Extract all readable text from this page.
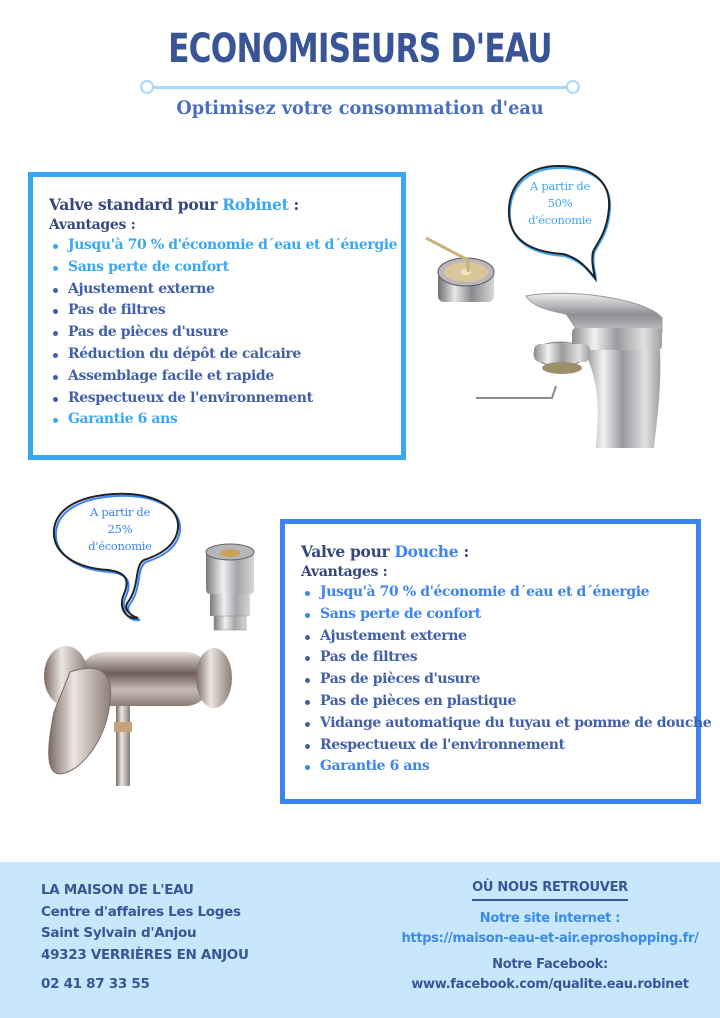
ECONOMISEURS D'EAU
Optimisez votre consommation d'eau
Valve standard pour Robinet :
Avantages :
Jusqu'à 70 % d'économie d´eau et d´énergie
Sans perte de confort
Ajustement externe
Pas de filtres
Pas de pièces d'usure
Réduction du dépôt de calcaire
Assemblage facile et rapide
Respectueux de l'environnement
Garantie 6 ans
A partir de
50%
d'économie
A partir de
25%
d'économie	Valve pour Douche :
Avantages :
Jusqu'à 70 % d'économie d´eau et d´énergie
Sans perte de confort
Ajustement externe
Pas de filtres
Pas de pièces d'usure
Pas de pièces en plastique
Vidange automatique du tuyau et pomme de douche
Respectueux de l'environnement
Garantie 6 ans
LA MAISON DE L'EAU
Centre d'affaires Les Loges
Saint Sylvain d'Anjou
49323 VERRIÈRES EN ANJOU
02 41 87 33 55
OÙ NOUS RETROUVER
Notre site internet :
https://maison-eau-et-air.eproshopping.fr/
Notre Facebook:
www.facebook.com/qualite.eau.robinet
